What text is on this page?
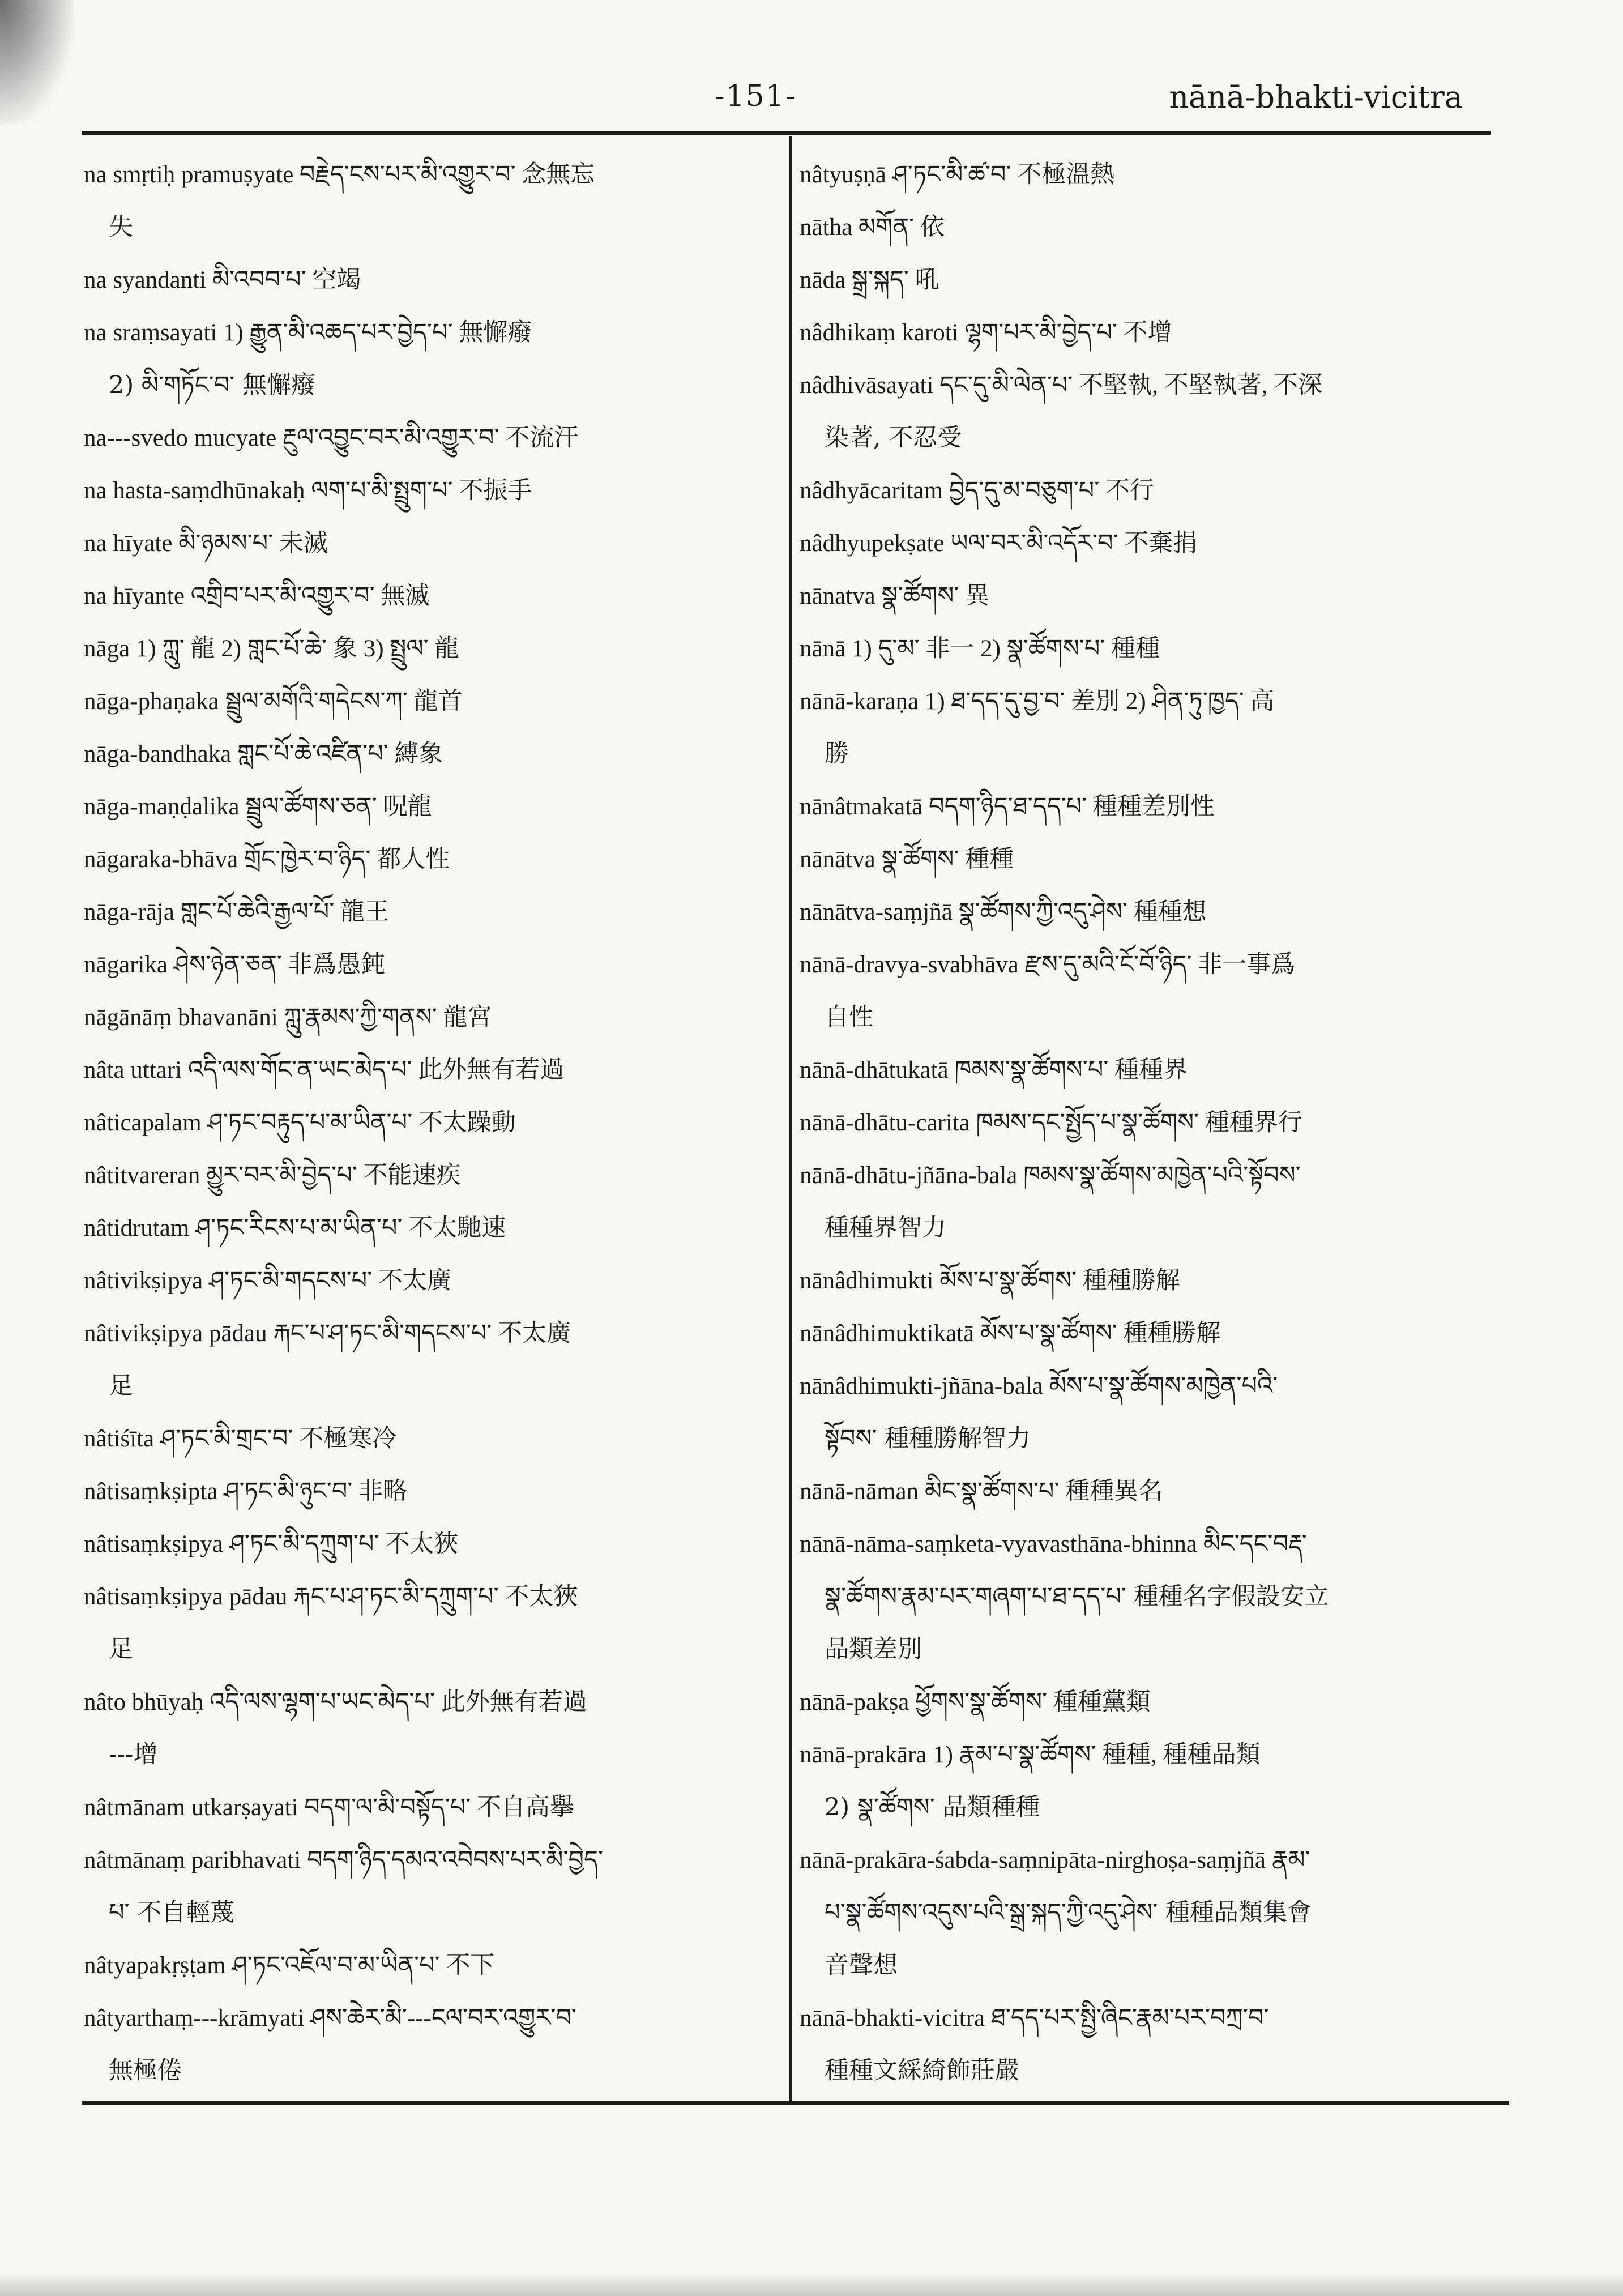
-151-	nānā-bhakti-vicitra

na smṛtiḥ pramuṣyate བརྗེད་ངས་པར་མི་འགྱུར་བ་ 念無忘
失

na syandanti མི་འབབ་པ་ 空竭

na sraṃsayati 1) རྒྱུན་མི་འཆད་པར་བྱེད་པ་ 無懈癈
2) མི་གཏོང་བ་ 無懈癈

na---svedo mucyate རྔུལ་འབྱུང་བར་མི་འགྱུར་བ་ 不流汗

na hasta-saṃdhūnakaḥ ལག་པ་མི་སྤྲུག་པ་ 不振手

na hīyate མི་ཉམས་པ་ 未滅

na hīyante འགྲིབ་པར་མི་འགྱུར་བ་ 無滅

nāga 1) ཀླུ་ 龍 2) གླང་པོ་ཆེ་ 象 3) སྤྲུལ་ 龍

nāga-phaṇaka སྦྲུལ་མགོའི་གདེངས་ཀ་ 龍首

nāga-bandhaka གླང་པོ་ཆེ་འཛིན་པ་ 縛象

nāga-maṇḍalika སྦྲུལ་ཚོགས་ཅན་ 呪龍

nāgaraka-bhāva གྲོང་ཁྱེར་བ་ཉིད་ 都人性

nāga-rāja གླང་པོ་ཆེའི་རྒྱལ་པོ་ 龍王

nāgarika ཤེས་ཉེན་ཅན་ 非爲愚鈍

nāgānāṃ bhavanāni ཀླུ་རྣམས་ཀྱི་གནས་ 龍宮

nâta uttari འདི་ལས་གོང་ན་ཡང་མེད་པ་ 此外無有若過

nâticapalam ཤ་ཏང་བརྟུད་པ་མ་ཡིན་པ་ 不太躁動

nâtitvareran མྱུར་བར་མི་བྱེད་པ་ 不能速疾

nâtidrutam ཤ་ཏང་རིངས་པ་མ་ཡིན་པ་ 不太馳速

nâtivikṣipya ཤ་ཏང་མི་གདངས་པ་ 不太廣

nâtivikṣipya pādau རྐང་པ་ཤ་ཏང་མི་གདངས་པ་ 不太廣
足

nâtiśīta ཤ་ཏང་མི་གྲང་བ་ 不極寒冷

nâtisaṃkṣipta ཤ་ཏང་མི་ཉུང་བ་ 非略

nâtisaṃkṣipya ཤ་ཏང་མི་དཀྲུག་པ་ 不太狹

nâtisaṃkṣipya pādau རྐང་པ་ཤ་ཏང་མི་དཀྲུག་པ་ 不太狹
足

nâto bhūyaḥ འདི་ལས་ལྷག་པ་ཡང་མེད་པ་ 此外無有若過
---增

nâtmānam utkarṣayati བདག་ལ་མི་བསྟོད་པ་ 不自高擧

nâtmānaṃ paribhavati བདག་ཉིད་དམའ་འབེབས་པར་མི་བྱེད་
པ་ 不自輕蔑

nâtyapakṛṣṭam ཤ་ཏང་འཇོལ་བ་མ་ཡིན་པ་ 不下

nâtyarthaṃ---krāmyati ཤས་ཆེར་མི་---ངལ་བར་འགྱུར་བ་
無極倦

nâtyuṣṇā ཤ་ཏང་མི་ཚ་བ་ 不極溫熱

nātha མགོན་ 依

nāda སྒྲ་སྐད་ 吼

nâdhikaṃ karoti ལྷག་པར་མི་བྱེད་པ་ 不增

nâdhivāsayati དང་དུ་མི་ལེན་པ་ 不堅執, 不堅執著, 不深
染著, 不忍受

nâdhyācaritam བྱེད་དུ་མ་བཅུག་པ་ 不行

nâdhyupekṣate ཡལ་བར་མི་འདོར་བ་ 不棄捐

nānatva སྣ་ཚོགས་ 異

nānā 1) དུ་མ་ 非一 2) སྣ་ཚོགས་པ་ 種種

nānā-karaṇa 1) ཐ་དད་དུ་བྱ་བ་ 差別 2) ཤིན་ཏུ་ཁྱད་ 高
勝

nānâtmakatā བདག་ཉིད་ཐ་དད་པ་ 種種差別性

nānātva སྣ་ཚོགས་ 種種

nānātva-saṃjñā སྣ་ཚོགས་ཀྱི་འདུ་ཤེས་ 種種想

nānā-dravya-svabhāva རྫས་དུ་མའི་ངོ་བོ་ཉིད་ 非一事爲
自性

nānā-dhātukatā ཁམས་སྣ་ཚོགས་པ་ 種種界

nānā-dhātu-carita ཁམས་དང་སྤྱོད་པ་སྣ་ཚོགས་ 種種界行

nānā-dhātu-jñāna-bala ཁམས་སྣ་ཚོགས་མཁྱེན་པའི་སྟོབས་
種種界智力

nānâdhimukti མོས་པ་སྣ་ཚོགས་ 種種勝解

nānâdhimuktikatā མོས་པ་སྣ་ཚོགས་ 種種勝解

nānâdhimukti-jñāna-bala མོས་པ་སྣ་ཚོགས་མཁྱེན་པའི་
སྟོབས་ 種種勝解智力

nānā-nāman མིང་སྣ་ཚོགས་པ་ 種種異名

nānā-nāma-saṃketa-vyavasthāna-bhinna མིང་དང་བརྡ་
སྣ་ཚོགས་རྣམ་པར་གཞག་པ་ཐ་དད་པ་ 種種名字假設安立

品類差別

nānā-pakṣa ཕྱོགས་སྣ་ཚོགས་ 種種黨類

nānā-prakāra 1) རྣམ་པ་སྣ་ཚོགས་ 種種, 種種品類
2) སྣ་ཚོགས་ 品類種種

nānā-prakāra-śabda-saṃnipāta-nirghoṣa-saṃjñā རྣམ་
པ་སྣ་ཚོགས་འདུས་པའི་སྒྲ་སྐད་ཀྱི་འདུ་ཤེས་ 種種品類集會

音聲想

nānā-bhakti-vicitra ཐ་དད་པར་སྤྱི་ཞིང་རྣམ་པར་བཀྲ་བ་
種種文綵綺飾莊嚴
